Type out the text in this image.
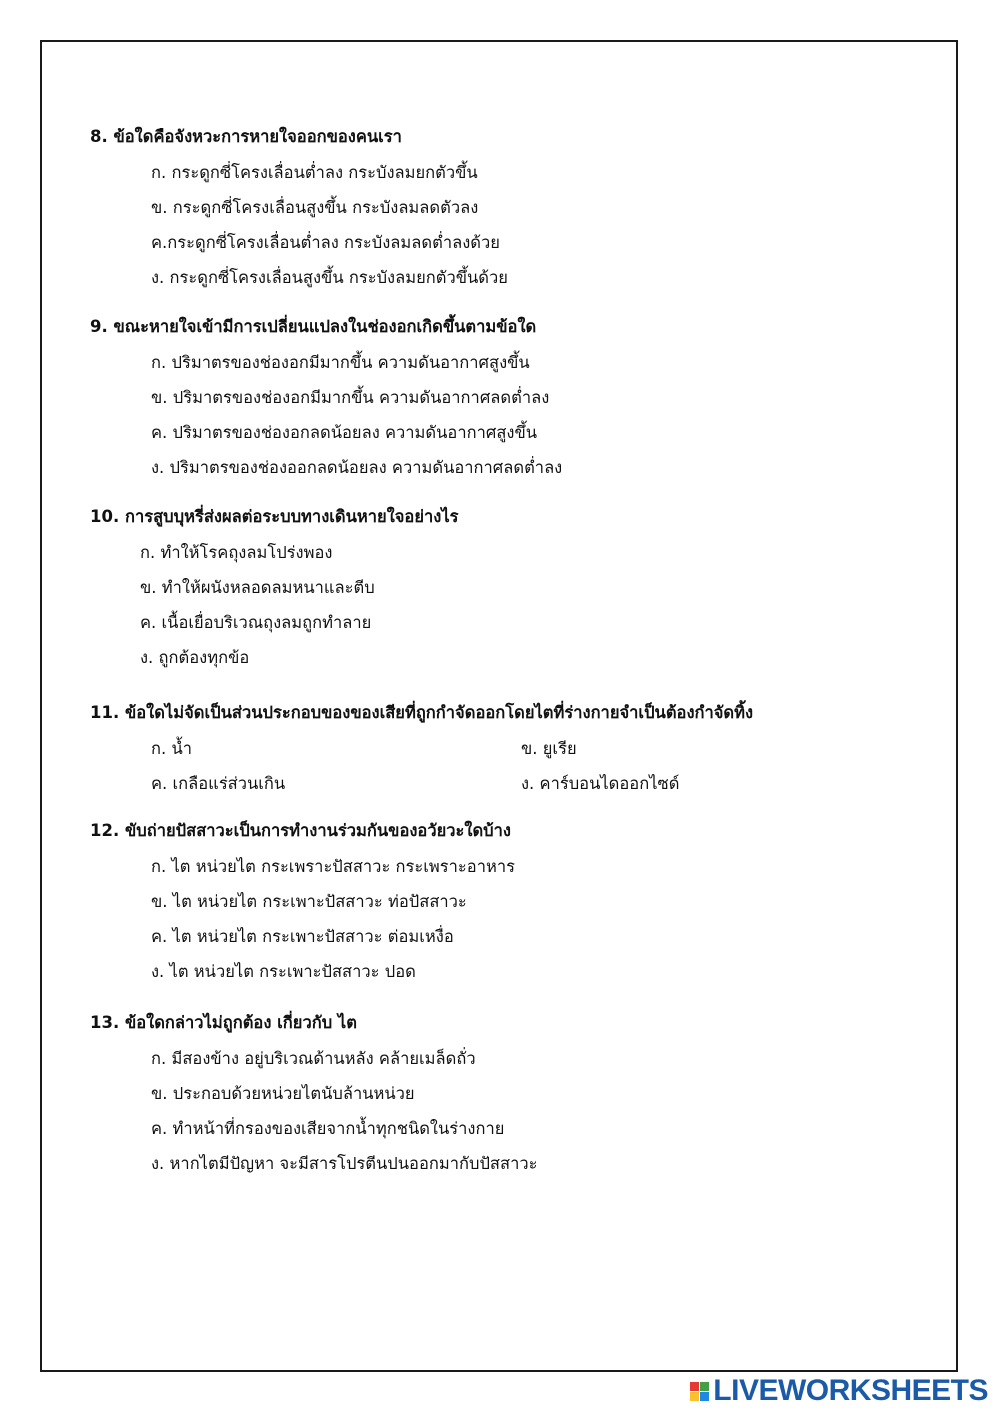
8. ข้อใดคือจังหวะการหายใจออกของคนเรา
ก. กระดูกซี่โครงเลื่อนต่ำลง กระบังลมยกตัวขึ้น
ข. กระดูกซี่โครงเลื่อนสูงขึ้น กระบังลมลดตัวลง
ค.กระดูกซี่โครงเลื่อนต่ำลง กระบังลมลดต่ำลงด้วย
ง. กระดูกซี่โครงเลื่อนสูงขึ้น กระบังลมยกตัวขึ้นด้วย
9. ขณะหายใจเข้ามีการเปลี่ยนแปลงในช่องอกเกิดขึ้นตามข้อใด
ก. ปริมาตรของช่องอกมีมากขึ้น ความดันอากาศสูงขึ้น
ข. ปริมาตรของช่องอกมีมากขึ้น ความดันอากาศลดต่ำลง
ค. ปริมาตรของช่องอกลดน้อยลง ความดันอากาศสูงขึ้น
ง. ปริมาตรของช่องออกลดน้อยลง ความดันอากาศลดต่ำลง
10. การสูบบุหรี่ส่งผลต่อระบบทางเดินหายใจอย่างไร
ก. ทำให้โรคถุงลมโปร่งพอง
ข. ทำให้ผนังหลอดลมหนาและตีบ
ค. เนื้อเยื่อบริเวณถุงลมถูกทำลาย
ง. ถูกต้องทุกข้อ
11. ข้อใดไม่จัดเป็นส่วนประกอบของของเสียที่ถูกกำจัดออกโดยไตที่ร่างกายจำเป็นต้องกำจัดทิ้ง
ก. น้ำ	ข. ยูเรีย
ค. เกลือแร่ส่วนเกิน	ง. คาร์บอนไดออกไซด์
12. ขับถ่ายปัสสาวะเป็นการทำงานร่วมกันของอวัยวะใดบ้าง
ก. ไต หน่วยไต กระเพราะปัสสาวะ กระเพราะอาหาร
ข. ไต หน่วยไต กระเพาะปัสสาวะ ท่อปัสสาวะ
ค. ไต หน่วยไต กระเพาะปัสสาวะ ต่อมเหงื่อ
ง. ไต หน่วยไต กระเพาะปัสสาวะ ปอด
13. ข้อใดกล่าวไม่ถูกต้อง เกี่ยวกับ ไต
ก. มีสองข้าง อยู่บริเวณด้านหลัง คล้ายเมล็ดถั่ว
ข. ประกอบด้วยหน่วยไตนับล้านหน่วย
ค. ทำหน้าที่กรองของเสียจากน้ำทุกชนิดในร่างกาย
ง. หากไตมีปัญหา จะมีสารโปรตีนปนออกมากับปัสสาวะ
LIVEWORKSHEETS
